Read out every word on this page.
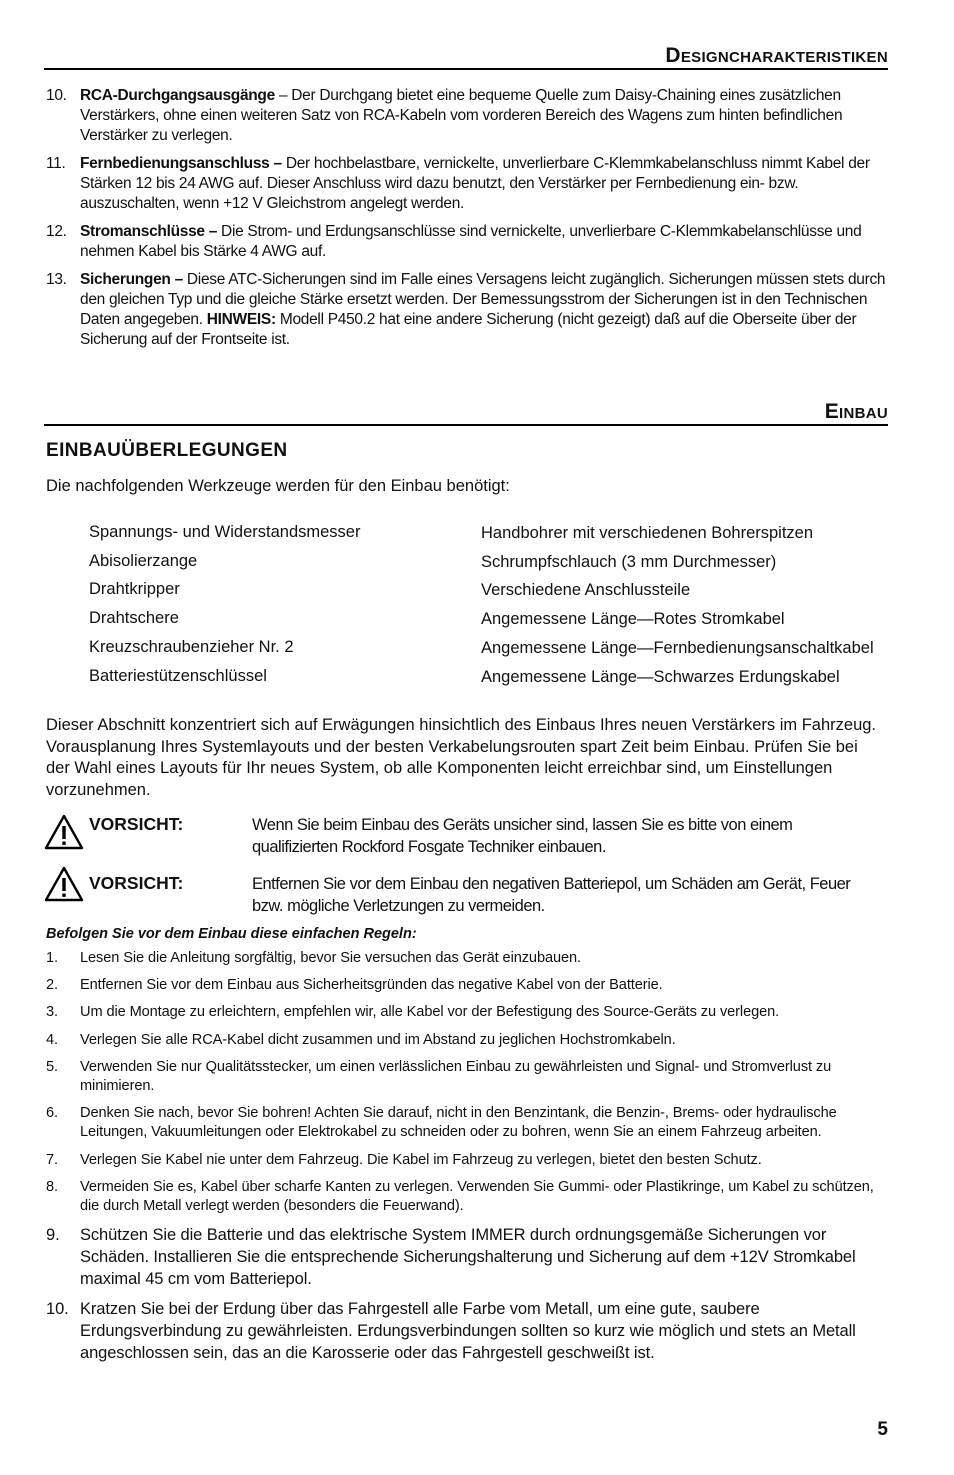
Designcharakteristiken
10. RCA-Durchgangsausgänge – Der Durchgang bietet eine bequeme Quelle zum Daisy-Chaining eines zusätzlichen Verstärkers, ohne einen weiteren Satz von RCA-Kabeln vom vorderen Bereich des Wagens zum hinten befindlichen Verstärker zu verlegen.
11. Fernbedienungsanschluss – Der hochbelastbare, vernickelte, unverlierbare C-Klemmkabelanschluss nimmt Kabel der Stärken 12 bis 24 AWG auf. Dieser Anschluss wird dazu benutzt, den Verstärker per Fernbedienung ein- bzw. auszuschalten, wenn +12 V Gleichstrom angelegt werden.
12. Stromanschlüsse – Die Strom- und Erdungsanschlüsse sind vernickelte, unverlierbare C-Klemmkabelanschlüsse und nehmen Kabel bis Stärke 4 AWG auf.
13. Sicherungen – Diese ATC-Sicherungen sind im Falle eines Versagens leicht zugänglich. Sicherungen müssen stets durch den gleichen Typ und die gleiche Stärke ersetzt werden. Der Bemessungsstrom der Sicherungen ist in den Technischen Daten angegeben. HINWEIS: Modell P450.2 hat eine andere Sicherung (nicht gezeigt) daß auf die Oberseite über der Sicherung auf der Frontseite ist.
Einbau
EINBAUÜBERLEGUNGEN
Die nachfolgenden Werkzeuge werden für den Einbau benötigt:
Spannungs- und Widerstandsmesser
Abisolierzange
Drahtkripper
Drahtschere
Kreuzschraubenzieher Nr. 2
Batteriestützenschlüssel
Handbohrer mit verschiedenen Bohrerspitzen
Schrumpfschlauch (3 mm Durchmesser)
Verschiedene Anschlussteile
Angemessene Länge—Rotes Stromkabel
Angemessene Länge—Fernbedienungsanschaltkabel
Angemessene Länge—Schwarzes Erdungskabel
Dieser Abschnitt konzentriert sich auf Erwägungen hinsichtlich des Einbaus Ihres neuen Verstärkers im Fahrzeug. Vorausplanung Ihres Systemlayouts und der besten Verkabelungsrouten spart Zeit beim Einbau. Prüfen Sie bei der Wahl eines Layouts für Ihr neues System, ob alle Komponenten leicht erreichbar sind, um Einstellungen vorzunehmen.
VORSICHT:	Wenn Sie beim Einbau des Geräts unsicher sind, lassen Sie es bitte von einem qualifizierten Rockford Fosgate Techniker einbauen.
VORSICHT:	Entfernen Sie vor dem Einbau den negativen Batteriepol, um Schäden am Gerät, Feuer bzw. mögliche Verletzungen zu vermeiden.
Befolgen Sie vor dem Einbau diese einfachen Regeln:
1. Lesen Sie die Anleitung sorgfältig, bevor Sie versuchen das Gerät einzubauen.
2. Entfernen Sie vor dem Einbau aus Sicherheitsgründen das negative Kabel von der Batterie.
3. Um die Montage zu erleichtern, empfehlen wir, alle Kabel vor der Befestigung des Source-Geräts zu verlegen.
4. Verlegen Sie alle RCA-Kabel dicht zusammen und im Abstand zu jeglichen Hochstromkabeln.
5. Verwenden Sie nur Qualitätsstecker, um einen verlässlichen Einbau zu gewährleisten und Signal- und Stromverlust zu minimieren.
6. Denken Sie nach, bevor Sie bohren! Achten Sie darauf, nicht in den Benzintank, die Benzin-, Brems- oder hydraulische Leitungen, Vakuumleitungen oder Elektrokabel zu schneiden oder zu bohren, wenn Sie an einem Fahrzeug arbeiten.
7. Verlegen Sie Kabel nie unter dem Fahrzeug. Die Kabel im Fahrzeug zu verlegen, bietet den besten Schutz.
8. Vermeiden Sie es, Kabel über scharfe Kanten zu verlegen. Verwenden Sie Gummi- oder Plastikringe, um Kabel zu schützen, die durch Metall verlegt werden (besonders die Feuerwand).
9. Schützen Sie die Batterie und das elektrische System IMMER durch ordnungsgemäße Sicherungen vor Schäden. Installieren Sie die entsprechende Sicherungshalterung und Sicherung auf dem +12V Stromkabel maximal 45 cm vom Batteriepol.
10. Kratzen Sie bei der Erdung über das Fahrgestell alle Farbe vom Metall, um eine gute, saubere Erdungsverbindung zu gewährleisten. Erdungsverbindungen sollten so kurz wie möglich und stets an Metall angeschlossen sein, das an die Karosserie oder das Fahrgestell geschweißt ist.
5
